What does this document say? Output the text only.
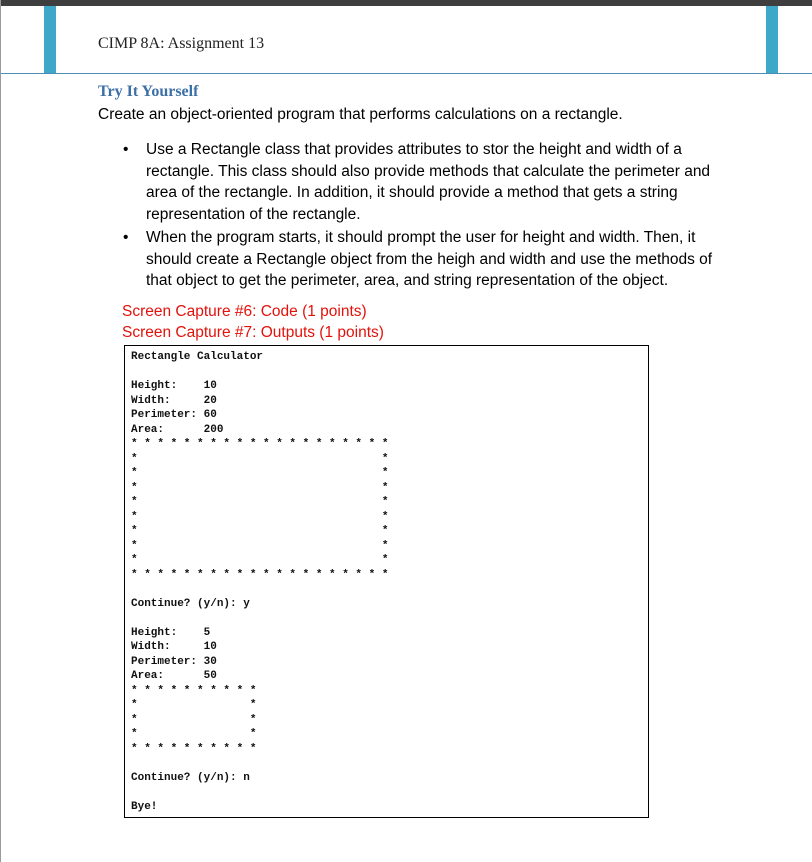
CIMP 8A: Assignment 13
Try It Yourself
Create an object-oriented program that performs calculations on a rectangle.
• Use a Rectangle class that provides attributes to stor the height and width of a rectangle. This class should also provide methods that calculate the perimeter and area of the rectangle. In addition, it should provide a method that gets a string representation of the rectangle.
• When the program starts, it should prompt the user for height and width. Then, it should create a Rectangle object from the heigh and width and use the methods of that object to get the perimeter, area, and string representation of the object.
Screen Capture #6: Code (1 points)
Screen Capture #7: Outputs (1 points)
Rectangle Calculator

Height:    10
Width:     20
Perimeter: 60
Area:      200
* * * * * * * * * * * * * * * * * * * *
*                                     *
*                                     *
*                                     *
*                                     *
*                                     *
*                                     *
*                                     *
*                                     *
* * * * * * * * * * * * * * * * * * * *

Continue? (y/n): y

Height:    5
Width:     10
Perimeter: 30
Area:      50
* * * * * * * * * *
*                 *
*                 *
*                 *
* * * * * * * * * *

Continue? (y/n): n

Bye!
